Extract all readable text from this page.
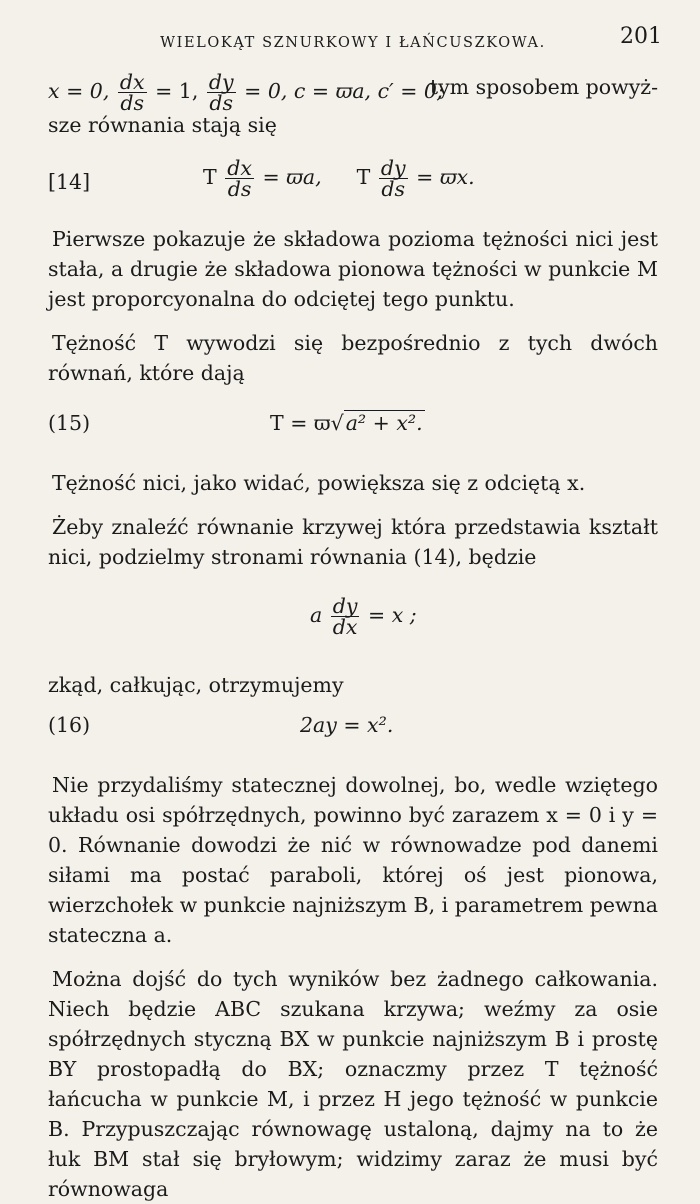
WIELOKĄT SZNURKOWY I ŁAŃCUSZKOWA.	201
x = 0, $\frac{dx}{ds} = 1$, $\frac{dy}{ds} = 0$, c = ϖa, c′ = 0;
tym sposobem powyż-

sze równania stają się

[14]	T $\frac{dx}{ds} = ϖa$, T $\frac{dy}{ds} = ϖx$.

Pierwsze pokazuje że składowa pozioma tężności nici jest stała, a drugie że składowa pionowa tężności w punkcie M jest proporcyonalna do odciętej tego punktu.

Tężność T wywodzi się bezpośrednio z tych dwóch równań, które dają

(15)	T = ϖ√a² + x².

Tężność nici, jako widać, powiększa się z odciętą x.

Żeby znaleźć równanie krzywej która przedstawia kształt nici, podzielmy stronami równania (14), będzie

a $\frac{dy}{dx} = x$ ;

zkąd, całkując, otrzymujemy

(16)	2ay = x².

Nie przydaliśmy statecznej dowolnej, bo, wedle wziętego układu osi spółrzędnych, powinno być zarazem x = 0 i y = 0. Równanie dowodzi że nić w równowadze pod danemi siłami ma postać paraboli, której oś jest pionowa, wierzchołek w punkcie najniższym B, i parametrem pewna stateczna a.

Można dojść do tych wyników bez żadnego całkowania. Niech będzie ABC szukana krzywa; weźmy za osie spółrzędnych styczną BX w punkcie najniższym B i prostę BY prostopadłą do BX; oznaczmy przez T tężność łańcucha w punkcie M, i przez H jego tężność w punkcie B. Przypuszczając równowagę ustaloną, dajmy na to że łuk BM stał się bryłowym; widzimy zaraz że musi być równowaga
